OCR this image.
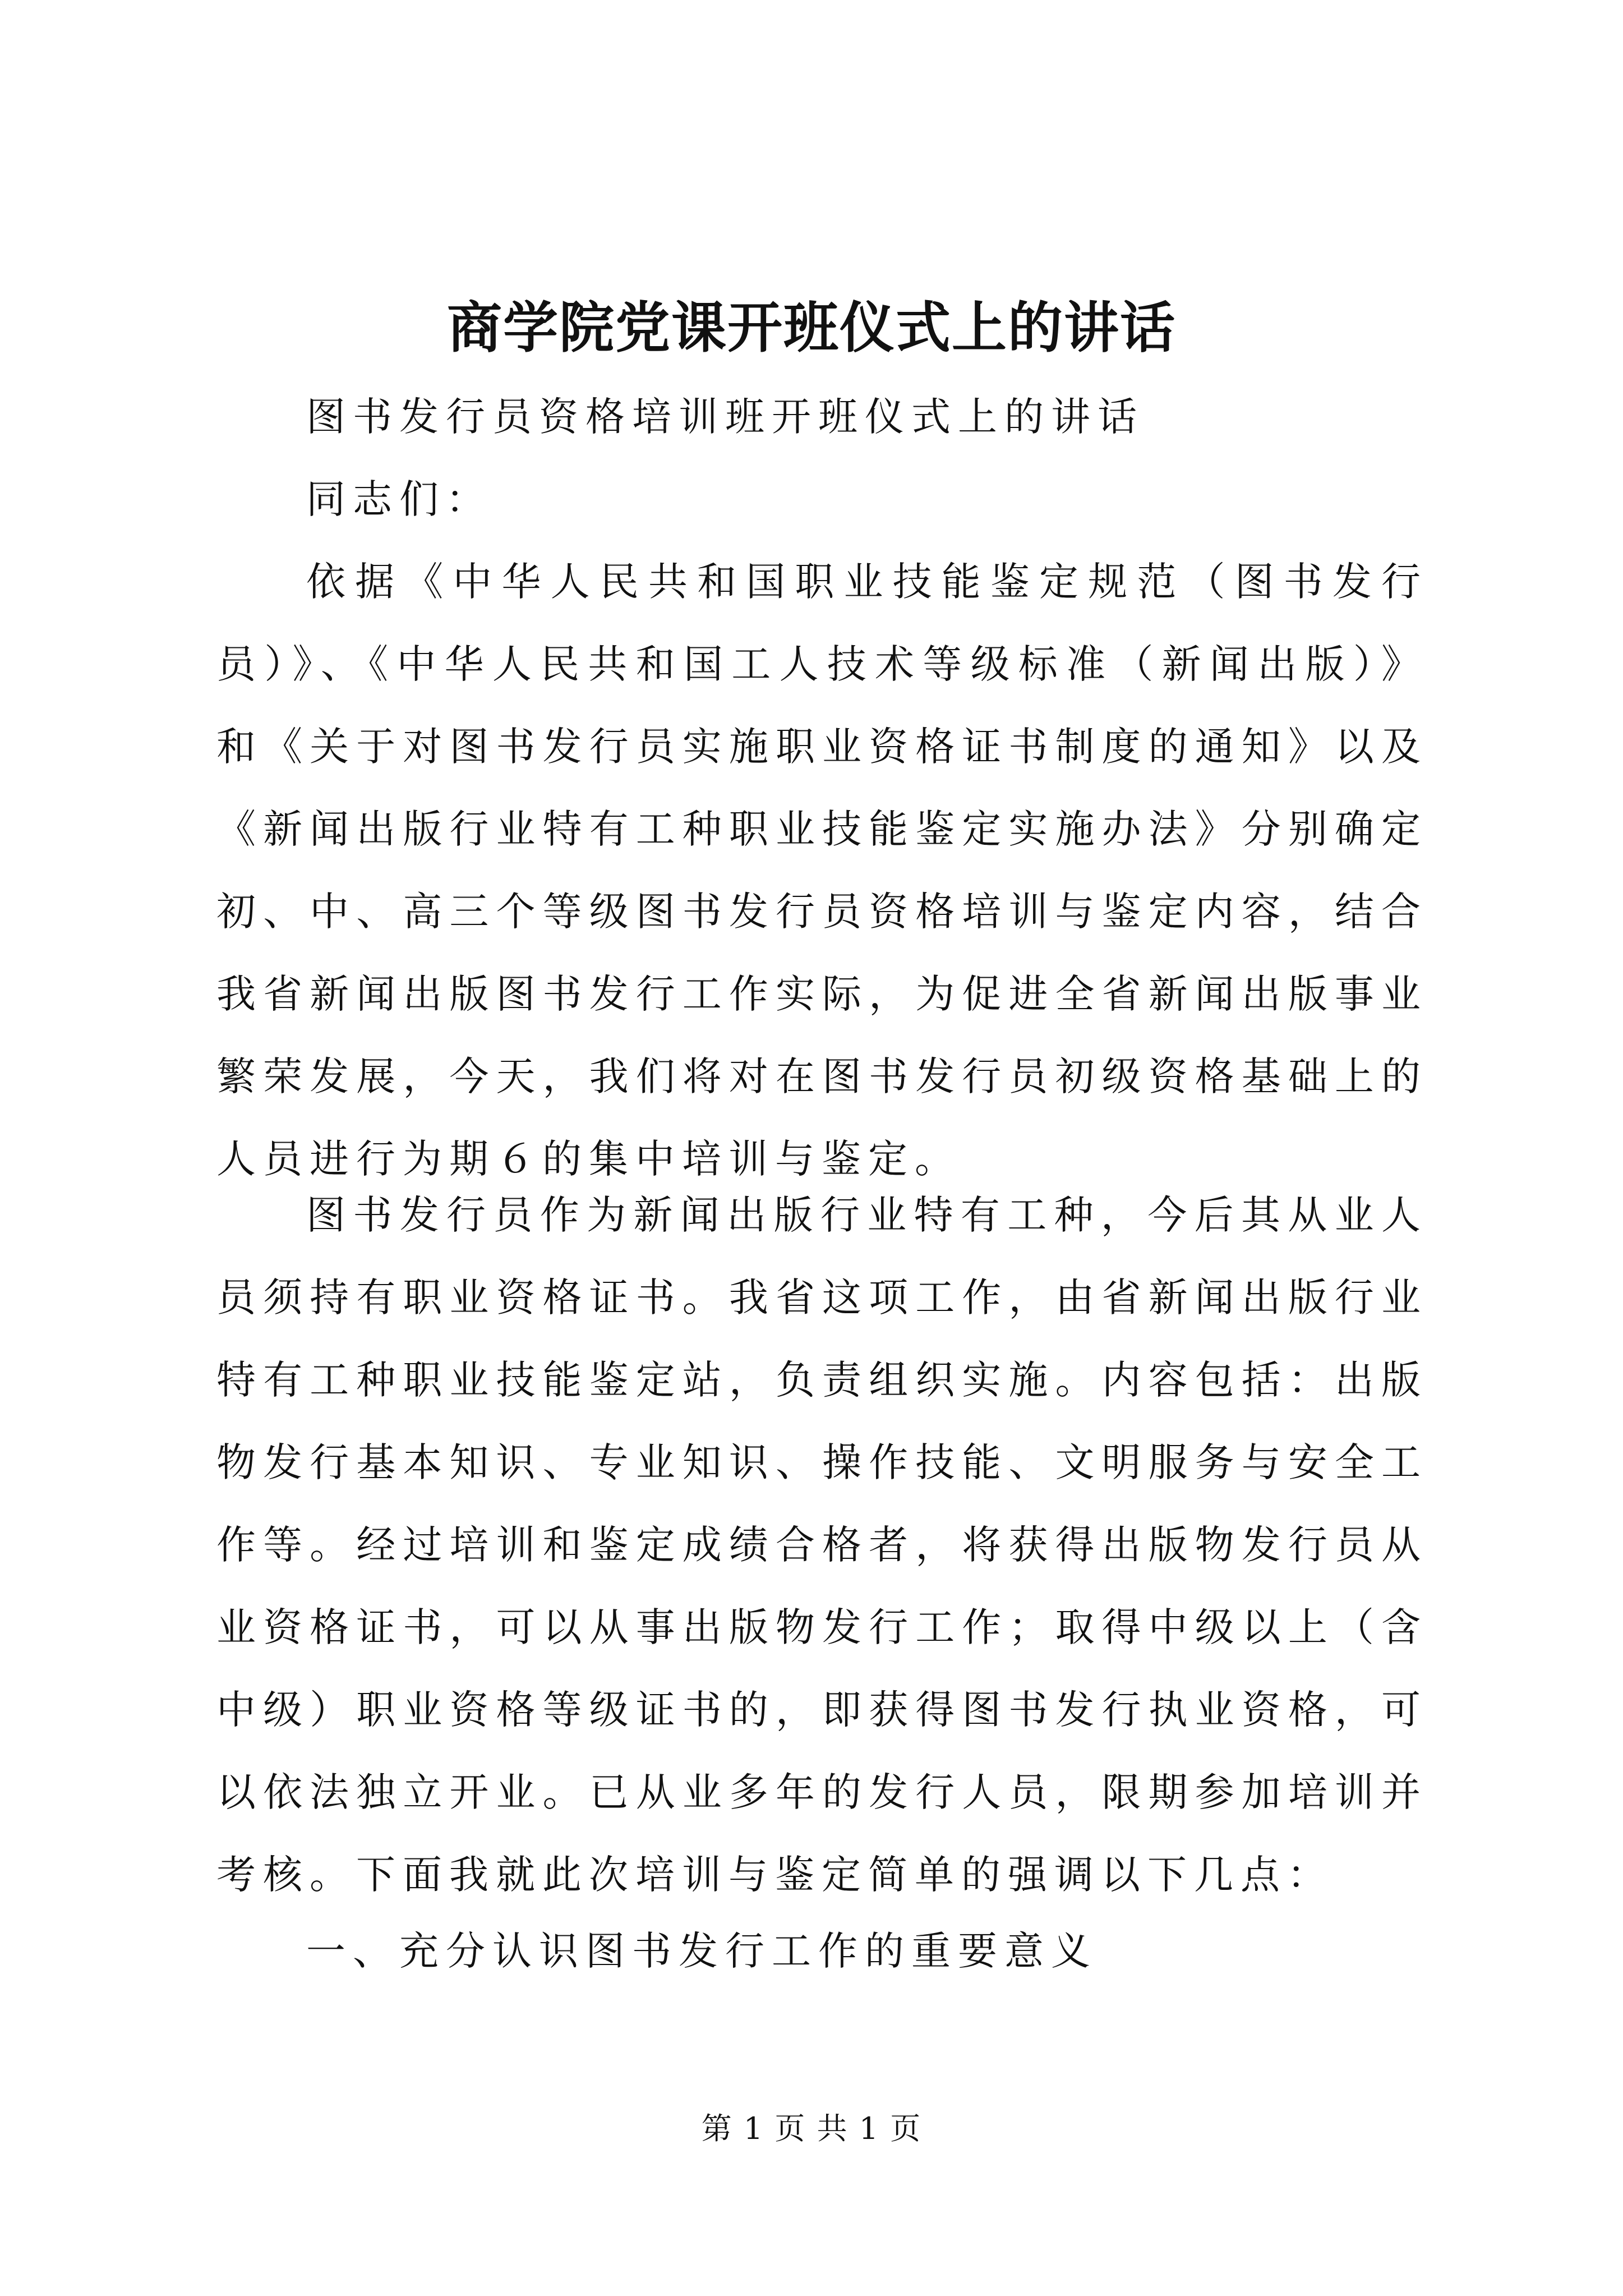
商学院党课开班仪式上的讲话

图书发行员资格培训班开班仪式上的讲话

同志们：

依据《中华人民共和国职业技能鉴定规范（图书发行员）》、《中华人民共和国工人技术等级标准（新闻出版）》和《关于对图书发行员实施职业资格证书制度的通知》以及《新闻出版行业特有工种职业技能鉴定实施办法》分别确定初、中、高三个等级图书发行员资格培训与鉴定内容，结合我省新闻出版图书发行工作实际，为促进全省新闻出版事业繁荣发展，今天，我们将对在图书发行员初级资格基础上的人员进行为期６的集中培训与鉴定。

图书发行员作为新闻出版行业特有工种，今后其从业人员须持有职业资格证书。我省这项工作，由省新闻出版行业特有工种职业技能鉴定站，负责组织实施。内容包括：出版物发行基本知识、专业知识、操作技能、文明服务与安全工作等。经过培训和鉴定成绩合格者，将获得出版物发行员从业资格证书，可以从事出版物发行工作；取得中级以上（含中级）职业资格等级证书的，即获得图书发行执业资格，可以依法独立开业。已从业多年的发行人员，限期参加培训并考核。下面我就此次培训与鉴定简单的强调以下几点：

一、充分认识图书发行工作的重要意义

第 1 页 共 1 页
